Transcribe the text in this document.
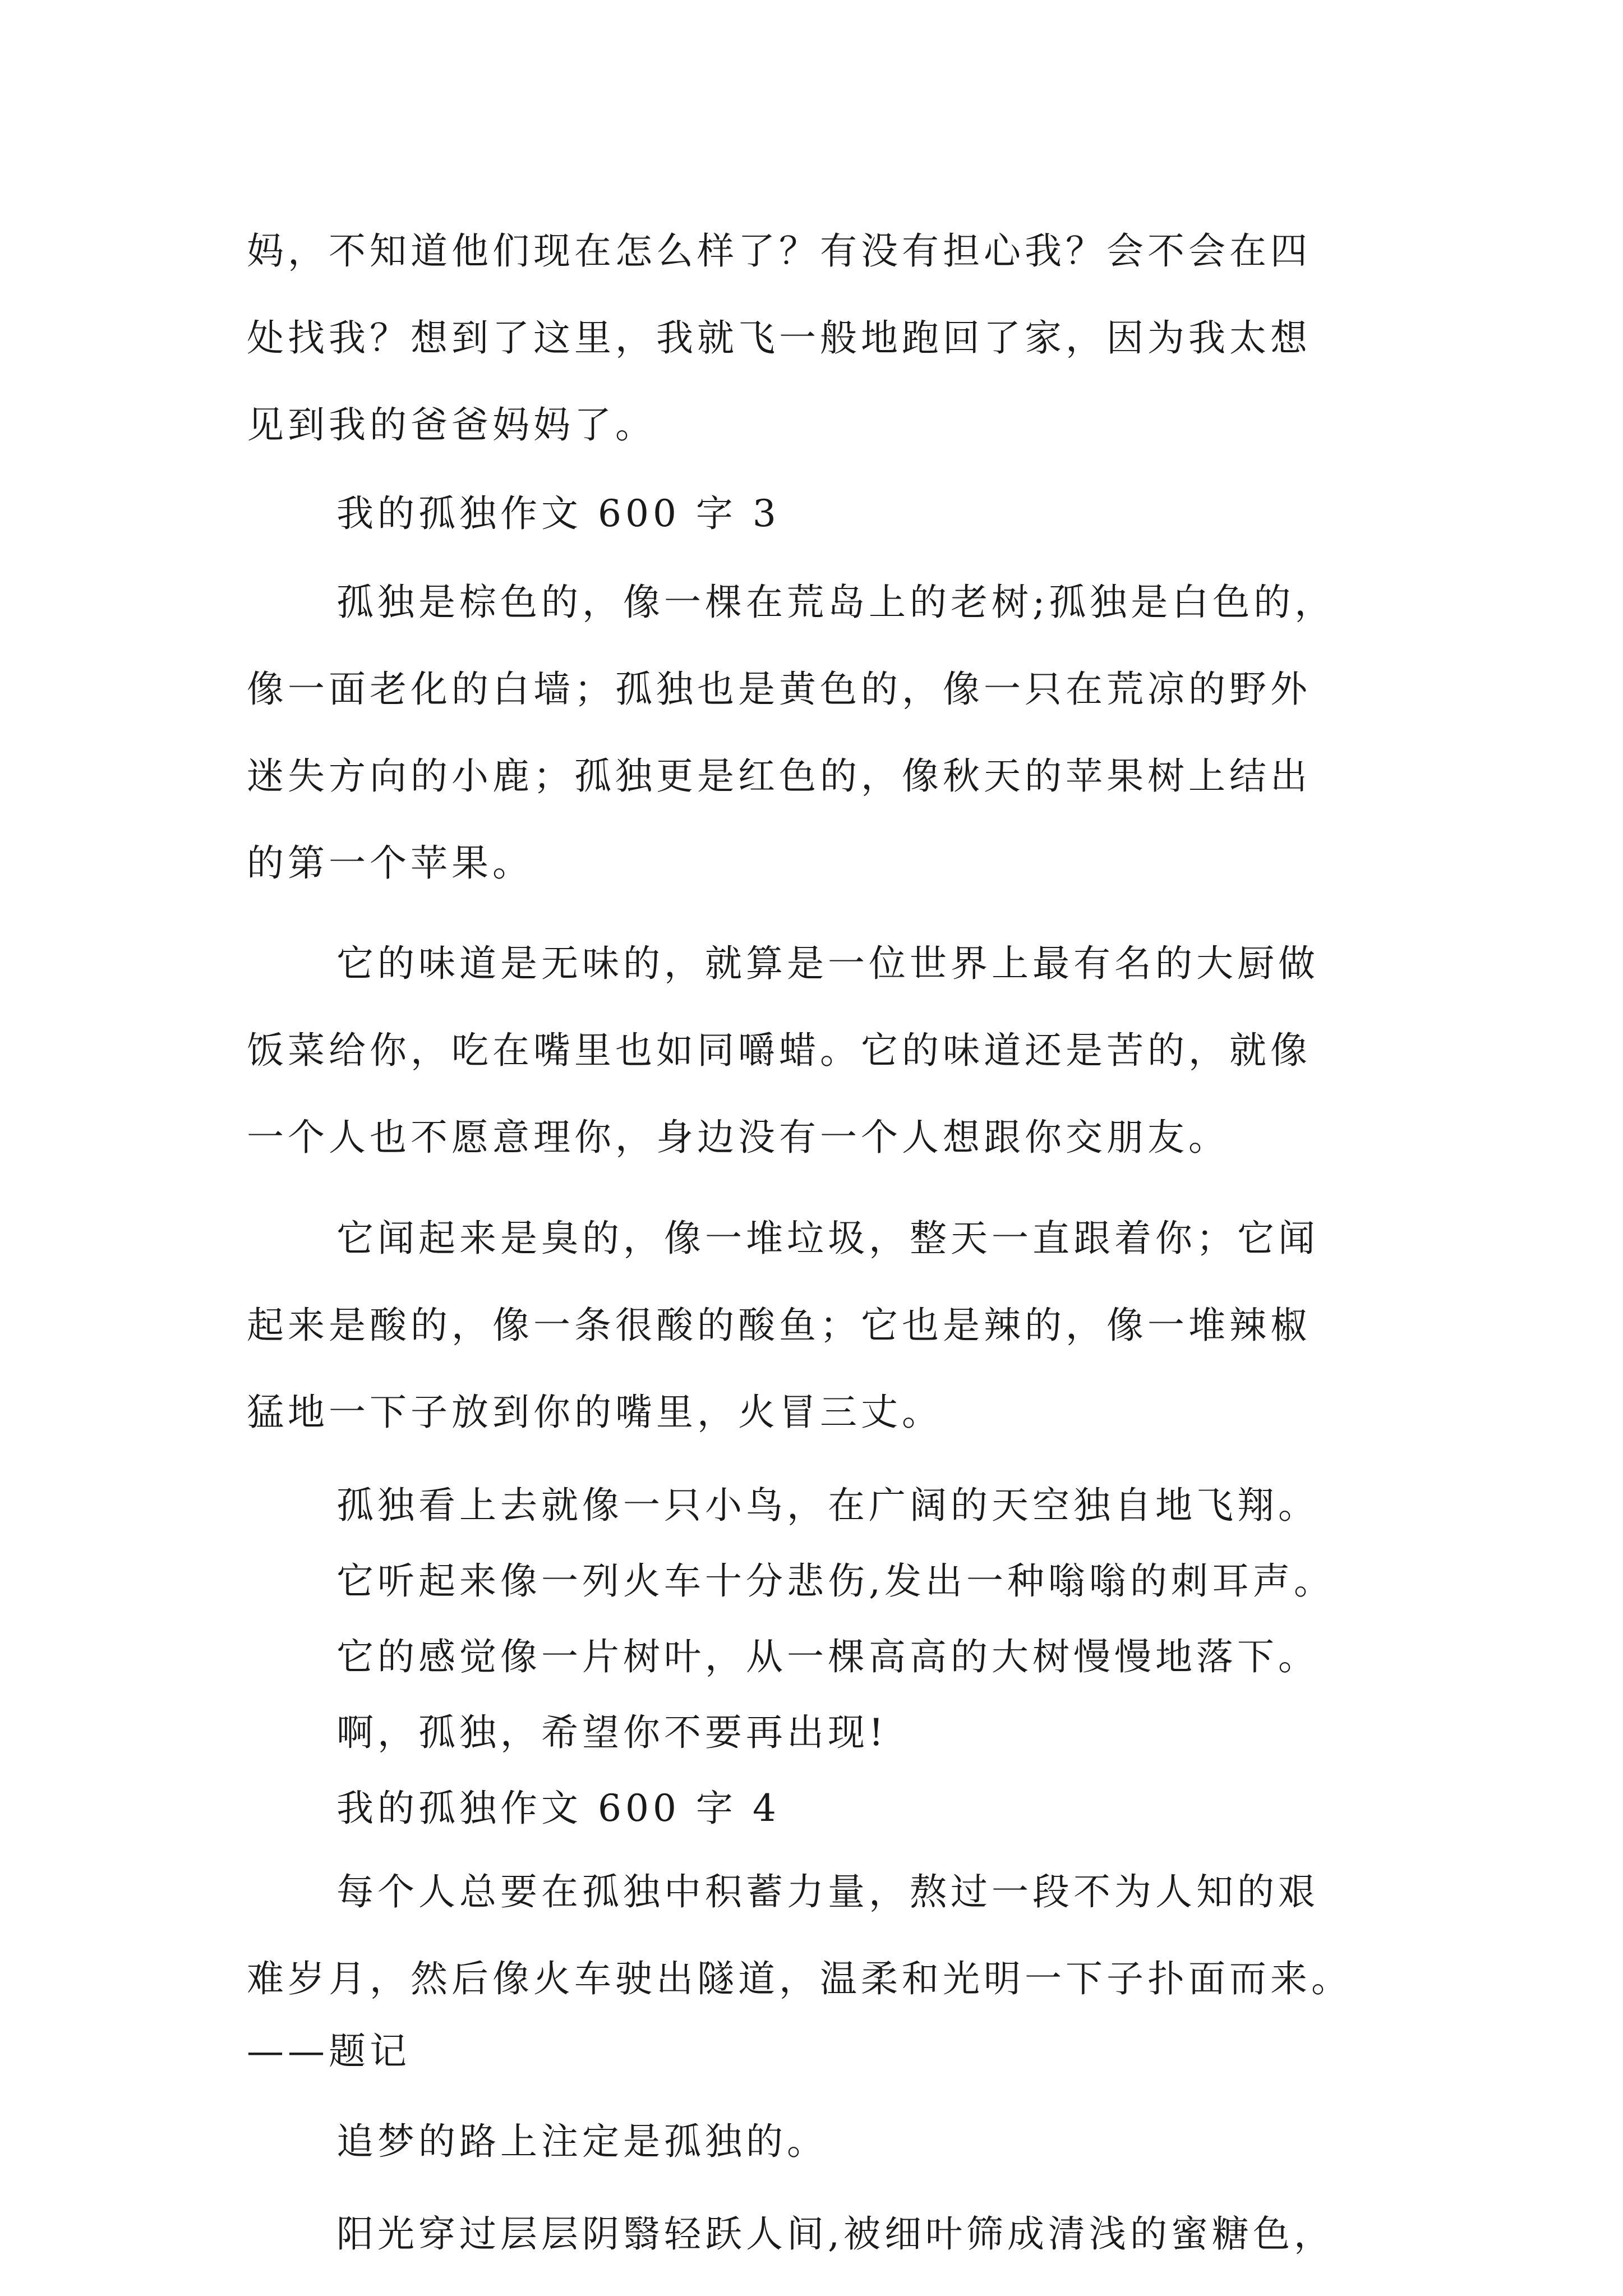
妈，不知道他们现在怎么样了？有没有担心我？会不会在四
处找我？想到了这里，我就飞一般地跑回了家，因为我太想
见到我的爸爸妈妈了。
我的孤独作文 600 字 3
孤独是棕色的，像一棵在荒岛上的老树;孤独是白色的，
像一面老化的白墙；孤独也是黄色的，像一只在荒凉的野外
迷失方向的小鹿；孤独更是红色的，像秋天的苹果树上结出
的第一个苹果。
它的味道是无味的，就算是一位世界上最有名的大厨做
饭菜给你，吃在嘴里也如同嚼蜡。它的味道还是苦的，就像
一个人也不愿意理你，身边没有一个人想跟你交朋友。
它闻起来是臭的，像一堆垃圾，整天一直跟着你；它闻
起来是酸的，像一条很酸的酸鱼；它也是辣的，像一堆辣椒
猛地一下子放到你的嘴里，火冒三丈。
孤独看上去就像一只小鸟，在广阔的天空独自地飞翔。
它听起来像一列火车十分悲伤,发出一种嗡嗡的刺耳声。
它的感觉像一片树叶，从一棵高高的大树慢慢地落下。
啊，孤独，希望你不要再出现!
我的孤独作文 600 字 4
每个人总要在孤独中积蓄力量，熬过一段不为人知的艰
难岁月，然后像火车驶出隧道，温柔和光明一下子扑面而来。
——题记
追梦的路上注定是孤独的。
阳光穿过层层阴翳轻跃人间,被细叶筛成清浅的蜜糖色，
